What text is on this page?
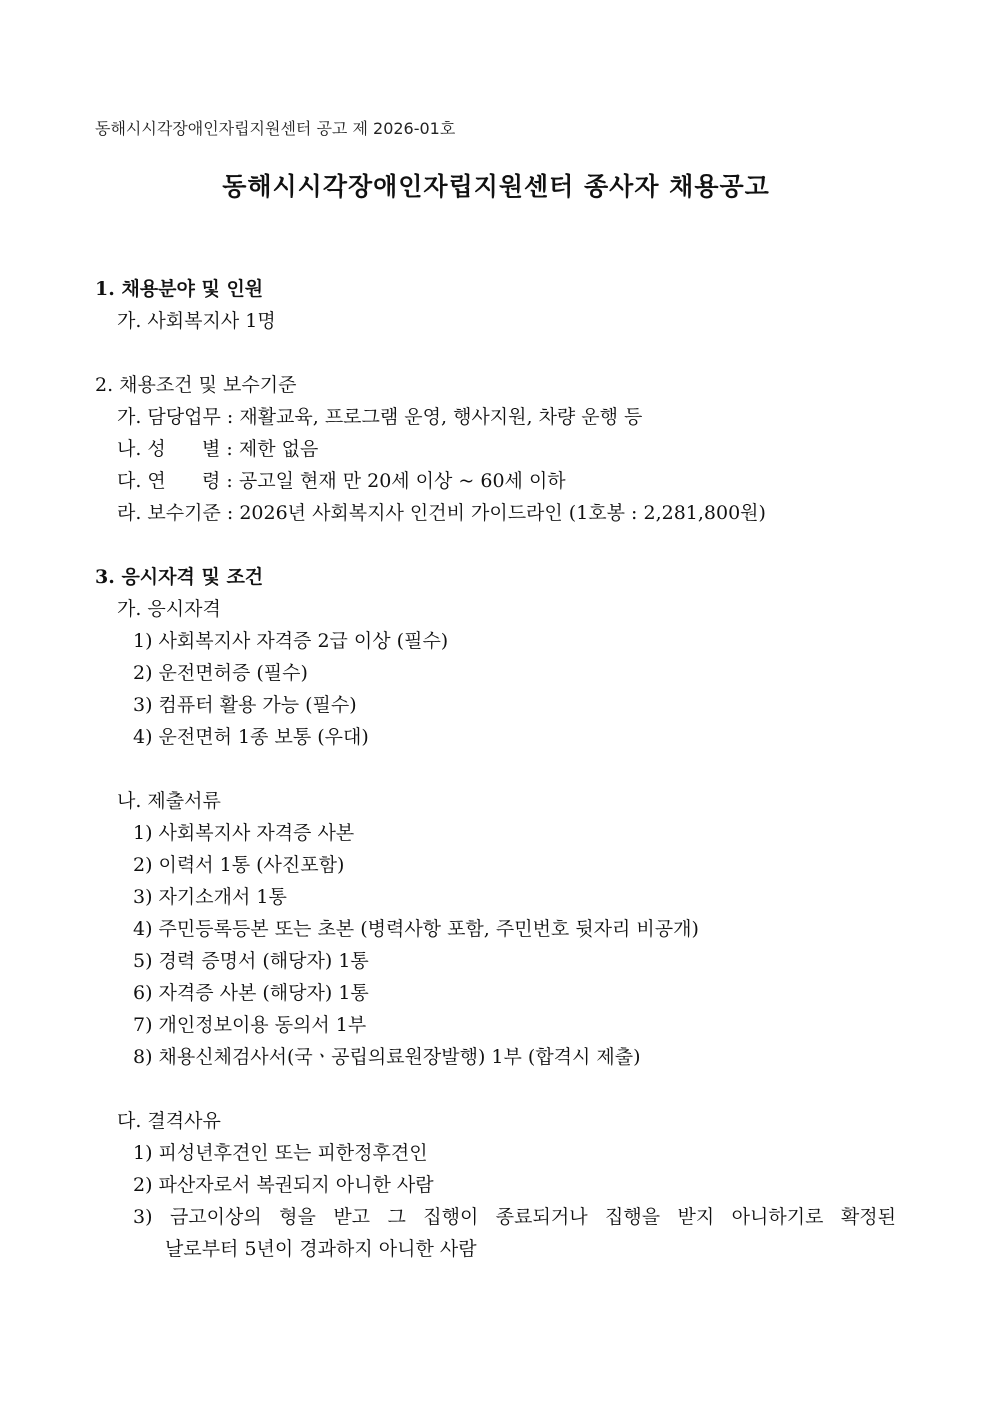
동해시시각장애인자립지원센터 공고 제 2026-01호
동해시시각장애인자립지원센터 종사자 채용공고
1. 채용분야 및 인원
가. 사회복지사 1명
2. 채용조건 및 보수기준
가. 담당업무 : 재활교육, 프로그램 운영, 행사지원, 차량 운행 등
나. 성      별 : 제한 없음
다. 연      령 : 공고일 현재 만 20세 이상 ~ 60세 이하
라. 보수기준 : 2026년 사회복지사 인건비 가이드라인 (1호봉 : 2,281,800원)
3. 응시자격 및 조건
가. 응시자격
1) 사회복지사 자격증 2급 이상 (필수)
2) 운전면허증 (필수)
3) 컴퓨터 활용 가능 (필수)
4) 운전면허 1종 보통 (우대)
나. 제출서류
1) 사회복지사 자격증 사본
2) 이력서 1통 (사진포함)
3) 자기소개서 1통
4) 주민등록등본 또는 초본 (병력사항 포함, 주민번호 뒷자리 비공개)
5) 경력 증명서 (해당자) 1통
6) 자격증 사본 (해당자) 1통
7) 개인정보이용 동의서 1부
8) 채용신체검사서(국ㆍ공립의료원장발행) 1부 (합격시 제출)
다. 결격사유
1) 피성년후견인 또는 피한정후견인
2) 파산자로서 복권되지 아니한 사람
3) 금고이상의 형을 받고 그 집행이 종료되거나 집행을 받지 아니하기로 확정된
날로부터 5년이 경과하지 아니한 사람
